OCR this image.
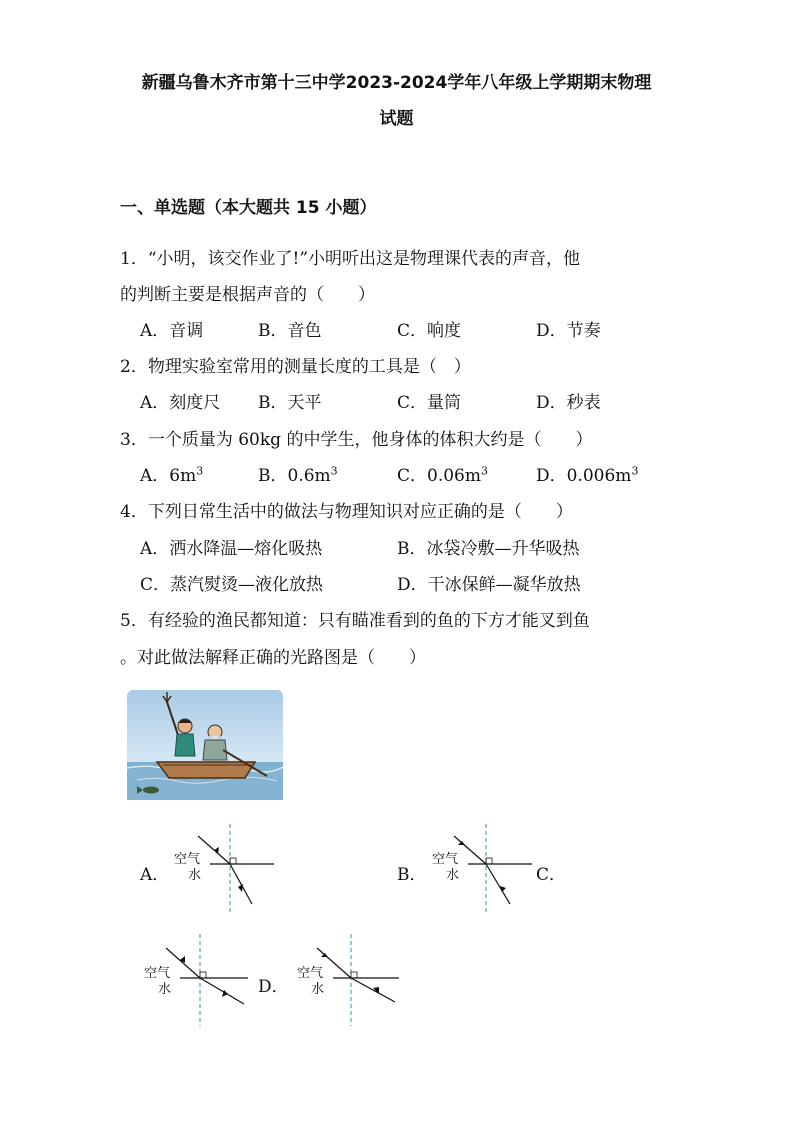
新疆乌鲁木齐市第十三中学2023-2024学年八年级上学期期末物理
试题
一、单选题（本大题共 15 小题）
1．“小明，该交作业了!”小明听出这是物理课代表的声音，他
的判断主要是根据声音的（　　）
A．音调	B．音色	C．响度	D．节奏
2．物理实验室常用的测量长度的工具是（　）
A．刻度尺 B．天平	C．量筒	D．秒表
3．一个质量为 60kg 的中学生，他身体的体积大约是（　　）
A．$6m^3$	B．$0.6m^3$	C．$0.06m^3$	D．$0.006m^3$
4．下列日常生活中的做法与物理知识对应正确的是（　　）
A．洒水降温—熔化吸热	B．冰袋冷敷—升华吸热
C．蒸汽熨烫—液化放热	D．干冰保鲜—凝华放热
5．有经验的渔民都知道：只有瞄准看到的鱼的下方才能叉到鱼
。对此做法解释正确的光路图是（　　）
A．	B．	C．
D．
空气
水
空气
水
空气
水
空气
水
